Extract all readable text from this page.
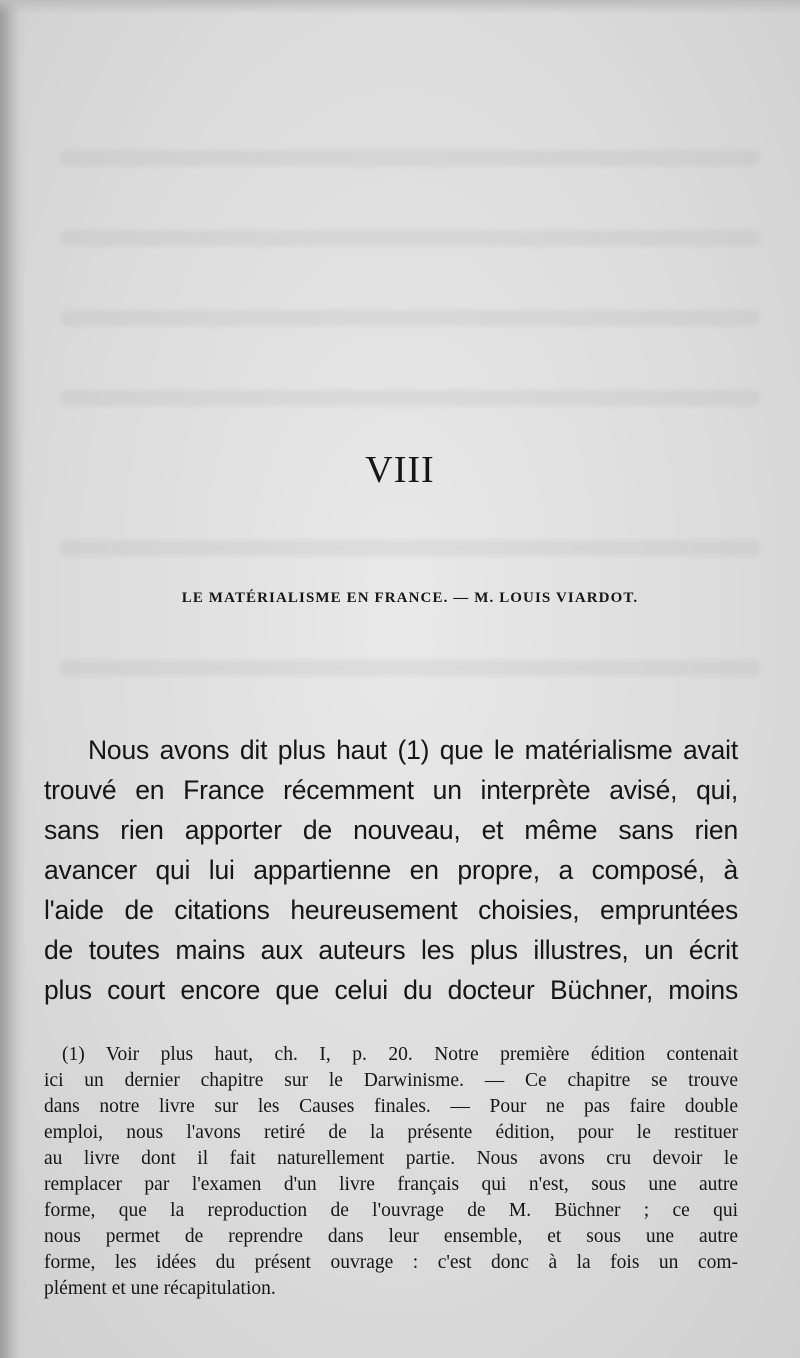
VIII
LE MATÉRIALISME EN FRANCE. — M. LOUIS VIARDOT.
Nous avons dit plus haut (1) que le matérialisme avait
trouvé en France récemment un interprète avisé, qui,
sans rien apporter de nouveau, et même sans rien
avancer qui lui appartienne en propre, a composé, à
l'aide de citations heureusement choisies, empruntées
de toutes mains aux auteurs les plus illustres, un écrit
plus court encore que celui du docteur Büchner, moins
(1) Voir plus haut, ch. I, p. 20. Notre première édition contenait
ici un dernier chapitre sur le Darwinisme. — Ce chapitre se trouve
dans notre livre sur les Causes finales. — Pour ne pas faire double
emploi, nous l'avons retiré de la présente édition, pour le restituer
au livre dont il fait naturellement partie. Nous avons cru devoir le
remplacer par l'examen d'un livre français qui n'est, sous une autre
forme, que la reproduction de l'ouvrage de M. Büchner ; ce qui
nous permet de reprendre dans leur ensemble, et sous une autre
forme, les idées du présent ouvrage : c'est donc à la fois un com-
plément et une récapitulation.
